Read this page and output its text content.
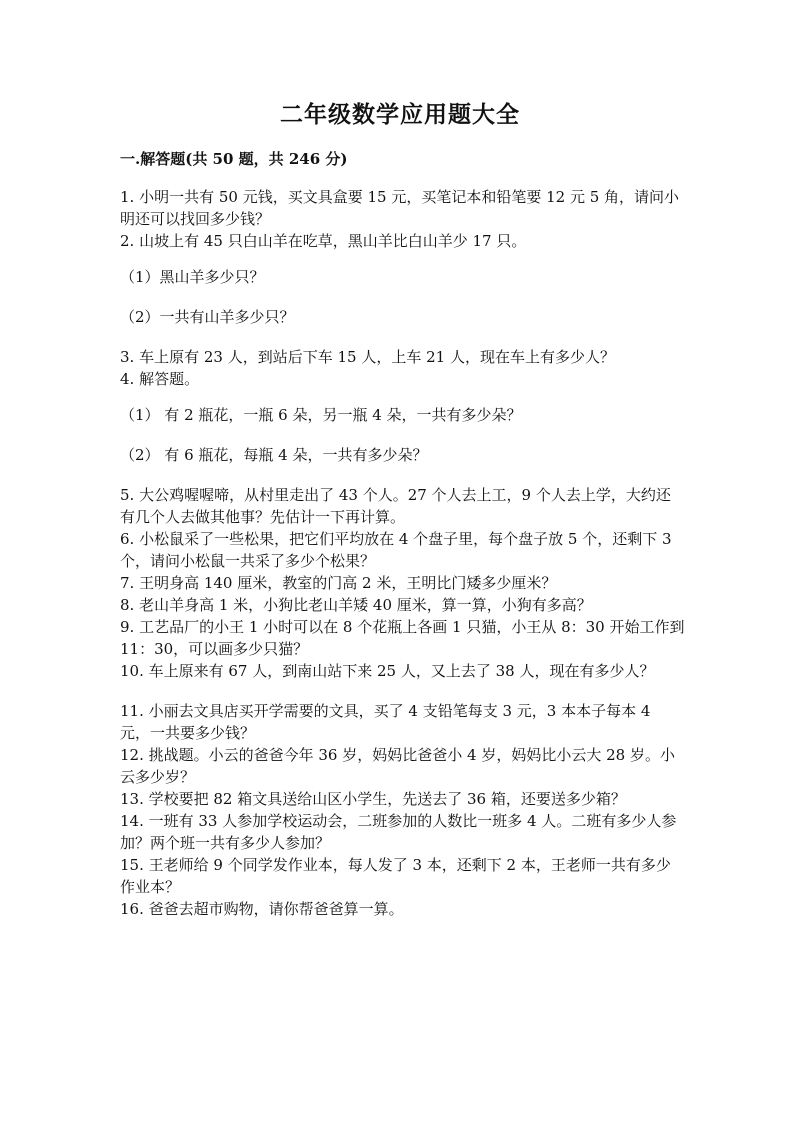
二年级数学应用题大全
一.解答题(共 50 题，共 246 分)

1. 小明一共有 50 元钱，买文具盒要 15 元，买笔记本和铅笔要 12 元 5 角，请问小明还可以找回多少钱？

2. 山坡上有 45 只白山羊在吃草，黑山羊比白山羊少 17 只。

（1）黑山羊多少只？

（2）一共有山羊多少只？

3. 车上原有 23 人，到站后下车 15 人，上车 21 人，现在车上有多少人？

4. 解答题。

（1） 有 2 瓶花，一瓶 6 朵，另一瓶 4 朵，一共有多少朵？

（2） 有 6 瓶花，每瓶 4 朵，一共有多少朵？

5. 大公鸡喔喔啼，从村里走出了 43 个人。27 个人去上工，9 个人去上学，大约还有几个人去做其他事？先估计一下再计算。

6. 小松鼠采了一些松果，把它们平均放在 4 个盘子里，每个盘子放 5 个，还剩下 3 个，请问小松鼠一共采了多少个松果？

7. 王明身高 140 厘米，教室的门高 2 米，王明比门矮多少厘米？

8. 老山羊身高 1 米，小狗比老山羊矮 40 厘米，算一算，小狗有多高？

9. 工艺品厂的小王 1 小时可以在 8 个花瓶上各画 1 只猫，小王从 8：30 开始工作到 11：30，可以画多少只猫？

10. 车上原来有 67 人，到南山站下来 25 人，又上去了 38 人，现在有多少人？

11. 小丽去文具店买开学需要的文具，买了 4 支铅笔每支 3 元，3 本本子每本 4 元，一共要多少钱？

12. 挑战题。小云的爸爸今年 36 岁，妈妈比爸爸小 4 岁，妈妈比小云大 28 岁。小云多少岁？

13. 学校要把 82 箱文具送给山区小学生，先送去了 36 箱，还要送多少箱？

14. 一班有 33 人参加学校运动会，二班参加的人数比一班多 4 人。二班有多少人参加？两个班一共有多少人参加？

15. 王老师给 9 个同学发作业本，每人发了 3 本，还剩下 2 本，王老师一共有多少作业本？

16. 爸爸去超市购物，请你帮爸爸算一算。
